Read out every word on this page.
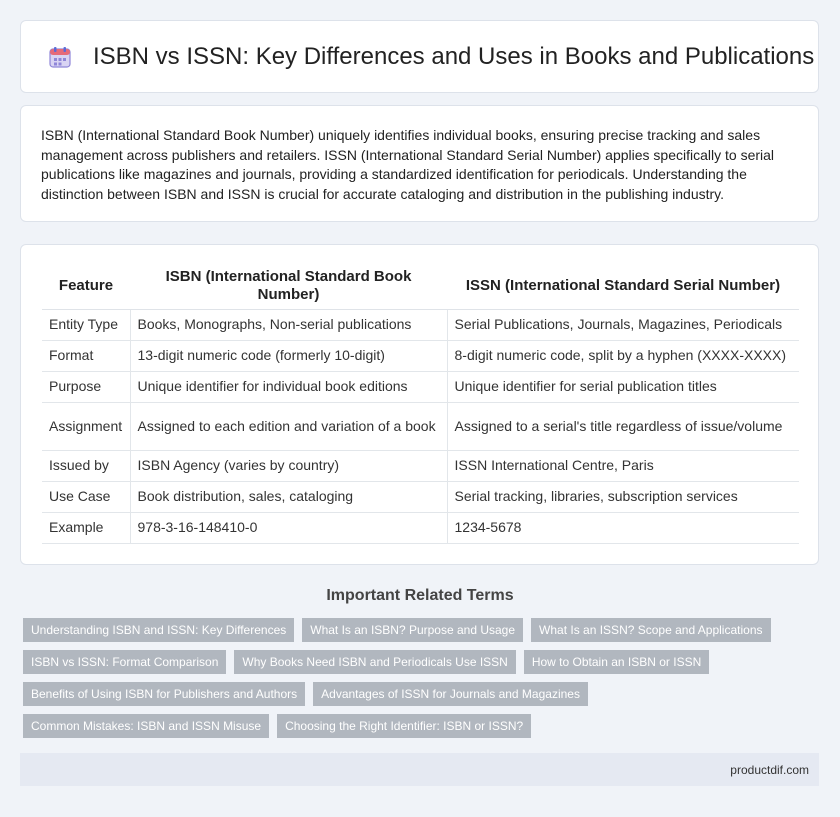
ISBN vs ISSN: Key Differences and Uses in Books and Publications

ISBN (International Standard Book Number) uniquely identifies individual books, ensuring precise tracking and sales management across publishers and retailers. ISSN (International Standard Serial Number) applies specifically to serial publications like magazines and journals, providing a standardized identification for periodicals. Understanding the distinction between ISBN and ISSN is crucial for accurate cataloging and distribution in the publishing industry.

Feature	ISBN (International Standard Book Number)	ISSN (International Standard Serial Number)
Entity Type	Books, Monographs, Non-serial publications	Serial Publications, Journals, Magazines, Periodicals
Format	13-digit numeric code (formerly 10-digit)	8-digit numeric code, split by a hyphen (XXXX-XXXX)
Purpose	Unique identifier for individual book editions	Unique identifier for serial publication titles
Assignment	Assigned to each edition and variation of a book	Assigned to a serial's title regardless of issue/volume
Issued by	ISBN Agency (varies by country)	ISSN International Centre, Paris
Use Case	Book distribution, sales, cataloging	Serial tracking, libraries, subscription services
Example	978-3-16-148410-0	1234-5678
Important Related Terms
Understanding ISBN and ISSN: Key Differences	What Is an ISBN? Purpose and Usage	What Is an ISSN? Scope and Applications
ISBN vs ISSN: Format Comparison	Why Books Need ISBN and Periodicals Use ISSN	How to Obtain an ISBN or ISSN
Benefits of Using ISBN for Publishers and Authors	Advantages of ISSN for Journals and Magazines
Common Mistakes: ISBN and ISSN Misuse	Choosing the Right Identifier: ISBN or ISSN?
productdif.com
